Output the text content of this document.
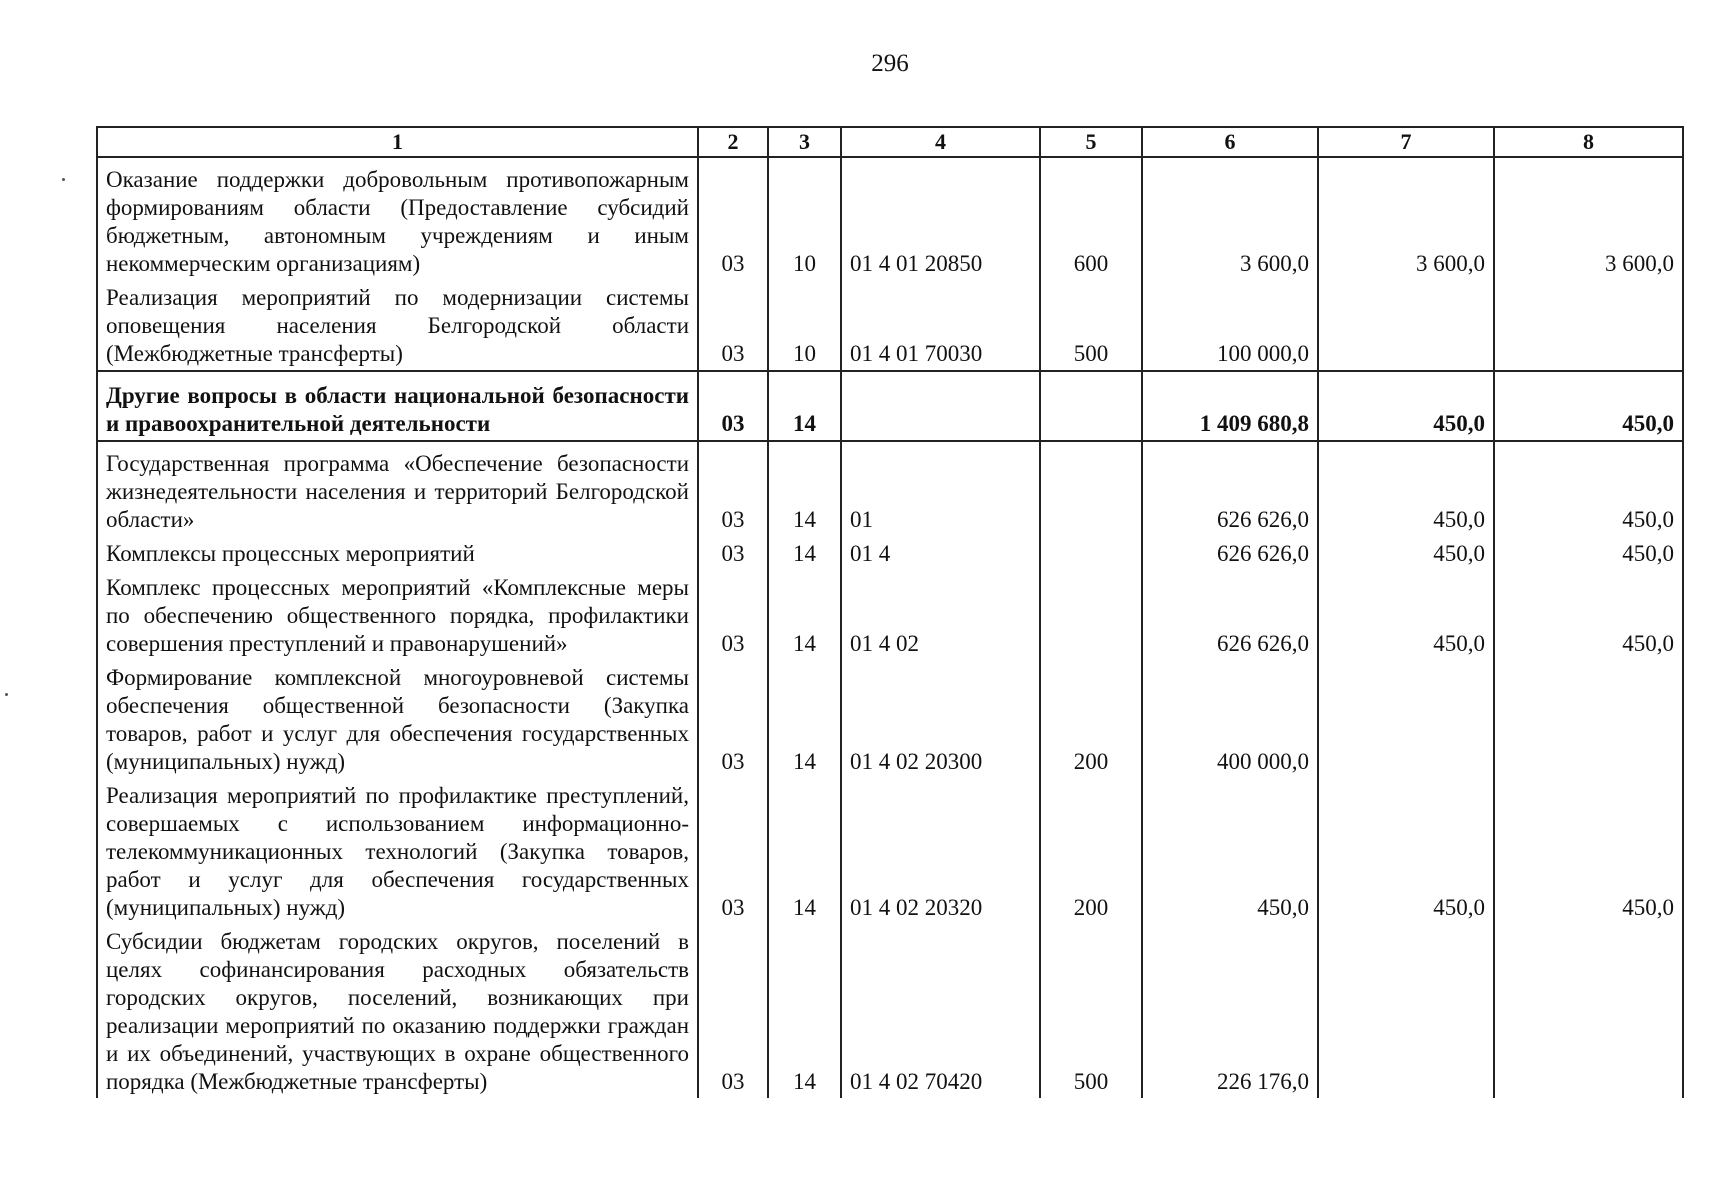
296
1	2	3	4	5	6	7	8
Оказание поддержки добровольным противопожарным формированиям области (Предоставление субсидий бюджетным, автономным учреждениям и иным некоммерческим организациям)	03	10	01 4 01 20850	600	3 600,0	3 600,0	3 600,0
Реализация мероприятий по модернизации системы оповещения населения Белгородской области (Межбюджетные трансферты)	03	10	01 4 01 70030	500	100 000,0		
Другие вопросы в области национальной безопасности и правоохранительной деятельности	03	14			1 409 680,8	450,0	450,0
Государственная программа «Обеспечение безопасности жизнедеятельности населения и территорий Белгородской области»	03	14	01		626 626,0	450,0	450,0
Комплексы процессных мероприятий	03	14	01 4		626 626,0	450,0	450,0
Комплекс процессных мероприятий «Комплексные меры по обеспечению общественного порядка, профилактики совершения преступлений и правонарушений»	03	14	01 4 02		626 626,0	450,0	450,0
Формирование комплексной многоуровневой системы обеспечения общественной безопасности (Закупка товаров, работ и услуг для обеспечения государственных (муниципальных) нужд)	03	14	01 4 02 20300	200	400 000,0		
Реализация мероприятий по профилактике преступлений, совершаемых с использованием информационно-телекоммуникационных технологий (Закупка товаров, работ и услуг для обеспечения государственных (муниципальных) нужд)	03	14	01 4 02 20320	200	450,0	450,0	450,0
Субсидии бюджетам городских округов, поселений в целях софинансирования расходных обязательств городских округов, поселений, возникающих при реализации мероприятий по оказанию поддержки граждан и их объединений, участвующих в охране общественного порядка (Межбюджетные трансферты)	03	14	01 4 02 70420	500	226 176,0		
